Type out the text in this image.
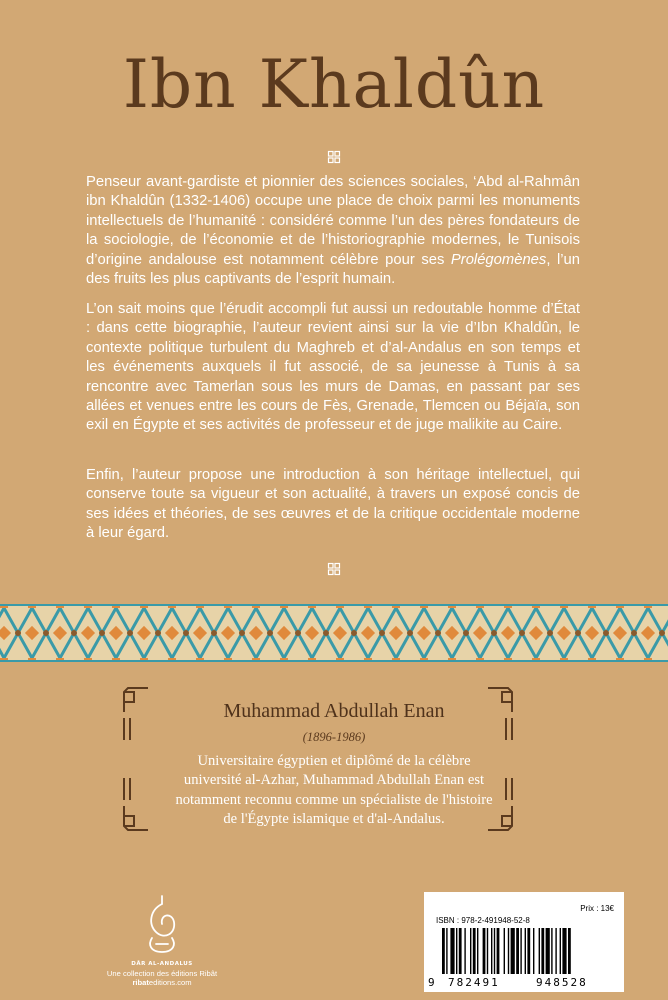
Ibn Khaldûn

Penseur avant-gardiste et pionnier des sciences sociales, ‘Abd al-Rahmân ibn Khaldûn (1332-1406) occupe une place de choix parmi les monuments intellectuels de l’humanité : considéré comme l’un des pères fondateurs de la sociologie, de l’économie et de l’historiographie modernes, le Tunisois d’origine andalouse est notamment célèbre pour ses Prolégomènes, l’un des fruits les plus captivants de l’esprit humain.

L’on sait moins que l’érudit accompli fut aussi un redoutable homme d’État : dans cette biographie, l’auteur revient ainsi sur la vie d’Ibn Khaldûn, le contexte politique turbulent du Maghreb et d’al-Andalus en son temps et les événements auxquels il fut associé, de sa jeunesse à Tunis à sa rencontre avec Tamerlan sous les murs de Damas, en passant par ses allées et venues entre les cours de Fès, Grenade, Tlemcen ou Béjaïa, son exil en Égypte et ses activités de professeur et de juge malikite au Caire.

Enfin, l’auteur propose une introduction à son héritage intellectuel, qui conserve toute sa vigueur et son actualité, à travers un exposé concis de ses idées et théories, de ses œuvres et de la critique occidentale moderne à leur égard.

Muhammad Abdullah Enan
(1896-1986)
Universitaire égyptien et diplômé de la célèbre université al-Azhar, Muhammad Abdullah Enan est notamment reconnu comme un spécialiste de l'histoire de l'Égypte islamique et d'al-Andalus.
DĀR AL-ANDALUS
Une collection des éditions Ribât
ribateditions.com
Prix : 13€
ISBN : 978-2-491948-52-8
9 782491	948528
